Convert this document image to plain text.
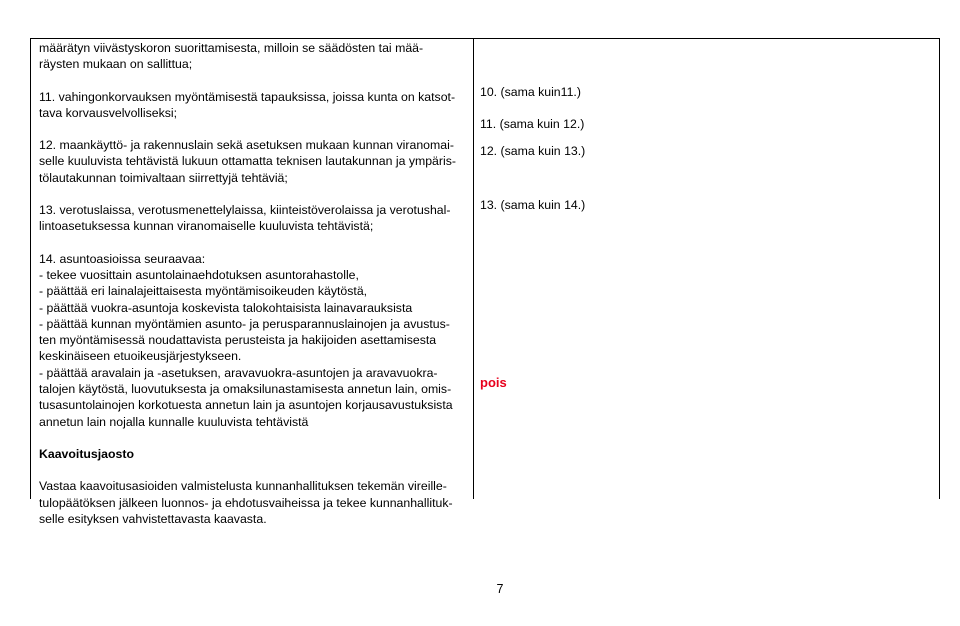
määrätyn viivästyskoron suorittamisesta, milloin se säädösten tai mää-
räysten mukaan on sallittua;
11. vahingonkorvauksen myöntämisestä tapauksissa, joissa kunta on katsot-
tava korvausvelvolliseksi;
12. maankäyttö- ja rakennuslain sekä asetuksen mukaan kunnan viranomai-
selle kuuluvista tehtävistä lukuun ottamatta teknisen lautakunnan ja ympäris-
tölautakunnan toimivaltaan siirrettyjä tehtäviä;
13. verotuslaissa, verotusmenettelylaissa, kiinteistöverolaissa ja verotushal-
lintoasetuksessa kunnan viranomaiselle kuuluvista tehtävistä;
14. asuntoasioissa seuraavaa:
- tekee vuosittain asuntolainaehdotuksen asuntorahastolle,
- päättää eri lainalajeittaisesta myöntämisoikeuden käytöstä,
- päättää vuokra-asuntoja koskevista talokohtaisista lainavarauksista
- päättää kunnan myöntämien asunto- ja perusparannuslainojen ja avustus-
ten myöntämisessä noudattavista perusteista ja hakijoiden asettamisesta
keskinäiseen etuoikeusjärjestykseen.
- päättää aravalain ja -asetuksen, aravavuokra-asuntojen ja aravavuokra-
talojen käytöstä, luovutuksesta ja omaksilunastamisesta annetun lain, omis-
tusasuntolainojen korkotuesta annetun lain ja asuntojen korjausavustuksista
annetun lain nojalla kunnalle kuuluvista tehtävistä
Kaavoitusjaosto
Vastaa kaavoitusasioiden valmistelusta kunnanhallituksen tekemän vireille-
tulopäätöksen jälkeen luonnos- ja ehdotusvaiheissa ja tekee kunnanhallituk-
selle esityksen vahvistettavasta kaavasta.
10. (sama kuin11.)
11. (sama kuin 12.)
12. (sama kuin 13.)
13. (sama kuin 14.)
pois
7
